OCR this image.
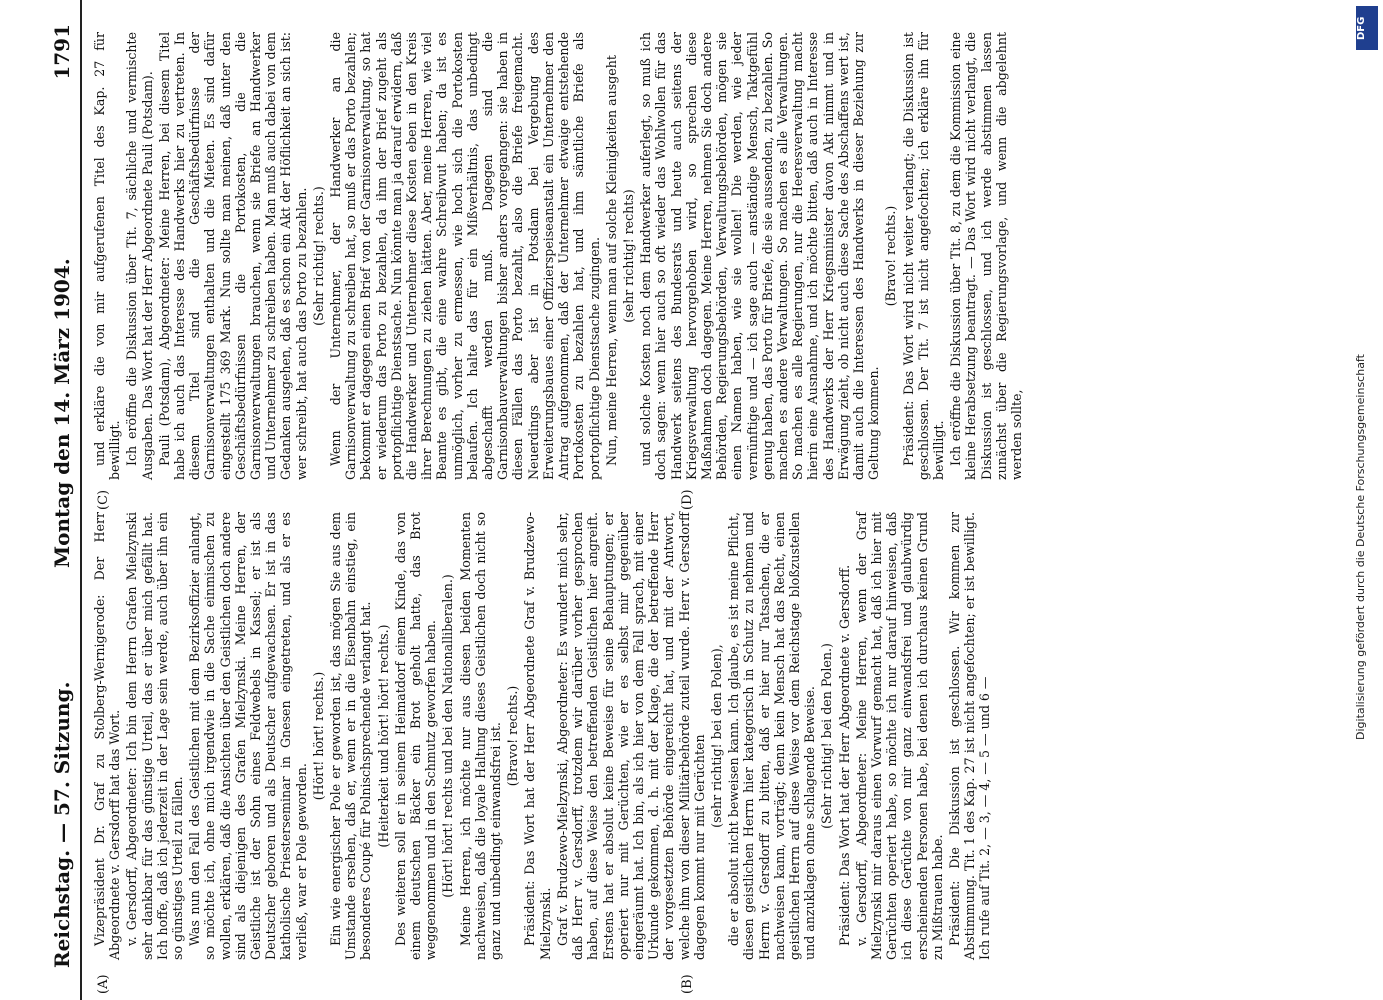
Reichstag. — 57. Sitzung.
Montag den 14. März 1904.
1791
(A)	(B)
(C)	(D)

Vizepräsident Dr. Graf zu Stolberg-Wernigerode: Der Herr Abgeordnete v. Gersdorff hat das Wort. v. Gersdorff, Abgeordneter: Ich bin dem Herrn Grafen Mielzynski sehr dankbar für das günstige Urteil, das er über mich gefällt hat. Ich hoffe, daß ich jederzeit in der Lage sein werde, auch über ihn ein so günstiges Urteil zu fällen. Was nun den Fall des Geistlichen mit dem Bezirksoffizier anlangt, so möchte ich, ohne mich irgendwie in die Sache einmischen zu wollen, erklären, daß die Ansichten über den Geistlichen doch andere sind als diejenigen des Grafen Mielzynski. Meine Herren, der Geistliche ist der Sohn eines Feldwebels in Kassel; er ist als Deutscher geboren und als Deutscher aufgewachsen. Er ist in das katholische Priesterseminar in Gnesen eingetreten, und als er es verließ, war er Pole geworden.

(Hört! hört! rechts.) Ein wie energischer Pole er geworden ist, das mögen Sie aus dem Umstande ersehen, daß er, wenn er in die Eisenbahn einstieg, ein besonderes Coupé für Polnischsprechende verlangt hat. (Heiterkeit und hört! hört! rechts.) Des weiteren soll er in seinem Heimatdorf einem Kinde, das von einem deutschen Bäcker ein Brot geholt hatte, das Brot weggenommen und in den Schmutz geworfen haben. (Hört! hört! rechts und bei den Nationalliberalen.) Meine Herren, ich möchte nur aus diesen beiden Momenten nachweisen, daß die loyale Haltung dieses Geistlichen doch nicht so ganz und unbedingt einwandsfrei ist. (Bravo! rechts.) Präsident: Das Wort hat der Herr Abgeordnete Graf v. Brudzewo-Mielzynski. Graf v. Brudzewo-Mielzynski, Abgeordneter: Es wundert mich sehr, daß Herr v. Gersdorff, trotzdem wir darüber vorher gesprochen haben, auf diese Weise den betreffenden Geistlichen hier angreift. Erstens hat er absolut keine Beweise für seine Behauptungen; er operiert nur mit Gerüchten, wie er es selbst mir gegenüber eingeräumt hat. Ich bin, als ich hier von dem Fall sprach, mit einer Urkunde gekommen, d. h. mit der Klage, die der betreffende Herr der vorgesetzten Behörde eingereicht hat, und mit der Antwort, welche ihm von dieser Militärbehörde zuteil wurde. Herr v. Gersdorff dagegen kommt nur mit Gerüchten (sehr richtig! bei den Polen), die er absolut nicht beweisen kann. Ich glaube, es ist meine Pflicht, diesen geistlichen Herrn hier kategorisch in Schutz zu nehmen und Herrn v. Gersdorff zu bitten, daß er hier nur Tatsachen, die er nachweisen kann, vorträgt; denn kein Mensch hat das Recht, einen geistlichen Herrn auf diese Weise vor dem Reichstage bloßzustellen und anzuklagen ohne schlagende Beweise. (Sehr richtig! bei den Polen.) Präsident: Das Wort hat der Herr Abgeordnete v. Gersdorff. v. Gersdorff, Abgeordneter: Meine Herren, wenn der Graf Mielzynski mir daraus einen Vorwurf gemacht hat, daß ich hier mit Gerüchten operiert habe, so möchte ich nur darauf hinweisen, daß ich diese Gerüchte von mir ganz einwandsfrei und glaubwürdig erscheinenden Personen habe, bei denen ich durchaus keinen Grund zu Mißtrauen habe. Präsident: Die Diskussion ist geschlossen. Wir kommen zur Abstimmung. Tit. 1 des Kap. 27 ist nicht angefochten; er ist bewilligt. Ich rufe auf Tit. 2, — 3, — 4, — 5 — und 6 —

und erkläre die von mir aufgerufenen Titel des Kap. 27 für bewilligt. Ich eröffne die Diskussion über Tit. 7, sächliche und vermischte Ausgaben. Das Wort hat der Herr Abgeordnete Pauli (Potsdam). Pauli (Potsdam), Abgeordneter: Meine Herren, bei diesem Titel habe ich auch das Interesse des Handwerks hier zu vertreten. In diesem Titel sind die Geschäftsbedürfnisse der Garnisonverwaltungen enthalten und die Mieten. Es sind dafür eingestellt 175 369 Mark. Nun sollte man meinen, daß unter den Geschäftsbedürfnissen die Portokosten, die die Garnisonverwaltungen brauchen, wenn sie Briefe an Handwerker und Unternehmer zu schreiben haben. Man muß auch dabei von dem Gedanken ausgehen, daß es schon ein Akt der Höflichkeit an sich ist: wer schreibt, hat auch das Porto zu bezahlen. (Sehr richtig! rechts.) Wenn der Unternehmer, der Handwerker an die Garnisonverwaltung zu schreiben hat, so muß er das Porto bezahlen; bekommt er dagegen einen Brief von der Garnisonverwaltung, so hat er wiederum das Porto zu bezahlen, da ihm der Brief zugeht als portopflichtige Dienstsache. Nun könnte man ja darauf erwidern, daß die Handwerker und Unternehmer diese Kosten eben in den Kreis ihrer Berechnungen zu ziehen hätten. Aber, meine Herren, wie viel Beamte es gibt, die eine wahre Schreibwut haben; da ist es unmöglich, vorher zu ermessen, wie hoch sich die Portokosten belaufen. Ich halte das für ein Mißverhältnis, das unbedingt abgeschafft werden muß. Dagegen sind die Garnisonbauverwaltungen bisher anders vorgegangen: sie haben in diesen Fällen das Porto bezahlt, also die Briefe freigemacht. Neuerdings aber ist in Potsdam bei Vergebung des Erweiterungsbaues einer Offizierspeiseanstalt ein Unternehmer den Antrag aufgenommen, daß der Unternehmer etwaige entstehende Portokosten zu bezahlen hat, und ihm sämtliche Briefe als portopflichtige Dienstsache zugingen. Nun, meine Herren, wenn man auf solche Kleinigkeiten ausgeht (sehr richtig! rechts) und solche Kosten noch dem Handwerker auferlegt, so muß ich doch sagen: wenn hier auch so oft wieder das Wohlwollen für das Handwerk seitens des Bundesrats und heute auch seitens der Kriegsverwaltung hervorgehoben wird, so sprechen diese Maßnahmen doch dagegen. Meine Herren, nehmen Sie doch andere Behörden, Regierungsbehörden, Verwaltungsbehörden, mögen sie einen Namen haben, wie sie wollen! Die werden, wie jeder vernünftige und — ich sage auch — anständige Mensch, Taktgefühl genug haben, das Porto für Briefe, die sie aussenden, zu bezahlen. So machen es andere Verwaltungen. So machen es alle Verwaltungen. So machen es alle Regierungen, nur die Heeresverwaltung macht hierin eine Ausnahme, und ich möchte bitten, daß auch in Interesse des Handwerks der Herr Kriegsminister davon Akt nimmt und in Erwägung zieht, ob nicht auch diese Sache des Abschaffens wert ist, damit auch die Interessen des Handwerks in dieser Beziehung zur Geltung kommen.

(Bravo! rechts.) Präsident: Das Wort wird nicht weiter verlangt; die Diskussion ist geschlossen. Der Tit. 7 ist nicht angefochten; ich erkläre ihn für bewilligt. Ich eröffne die Diskussion über Tit. 8, zu dem die Kommission eine kleine Herabsetzung beantragt. — Das Wort wird nicht verlangt, die Diskussion ist geschlossen, und ich werde abstimmen lassen zunächst über die Regierungsvorlage, und wenn die abgelehnt werden sollte,

DFG
Digitalisierung gefördert durch die Deutsche Forschungsgemeinschaft
